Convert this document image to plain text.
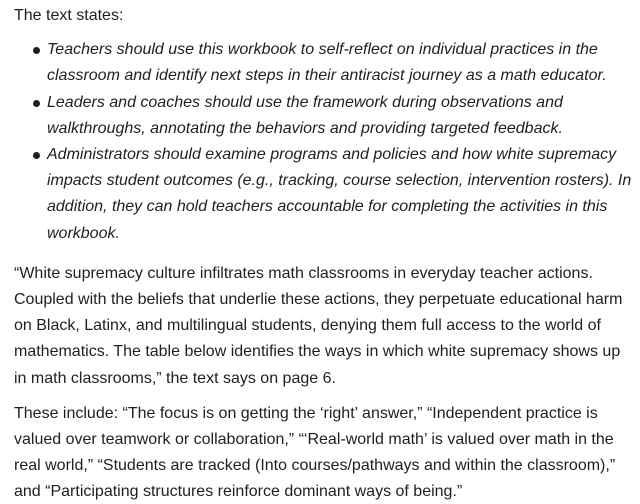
The text states:

Teachers should use this workbook to self-reflect on individual practices in the classroom and identify next steps in their antiracist journey as a math educator.
Leaders and coaches should use the framework during observations and walkthroughs, annotating the behaviors and providing targeted feedback.
Administrators should examine programs and policies and how white supremacy impacts student outcomes (e.g., tracking, course selection, intervention rosters). In addition, they can hold teachers accountable for completing the activities in this workbook.

“White supremacy culture infiltrates math classrooms in everyday teacher actions. Coupled with the beliefs that underlie these actions, they perpetuate educational harm on Black, Latinx, and multilingual students, denying them full access to the world of mathematics. The table below identifies the ways in which white supremacy shows up in math classrooms,” the text says on page 6.

These include: “The focus is on getting the ‘right’ answer,” “Independent practice is valued over teamwork or collaboration,” “‘Real-world math’ is valued over math in the real world,” “Students are tracked (Into courses/pathways and within the classroom),” and “Participating structures reinforce dominant ways of being.”
